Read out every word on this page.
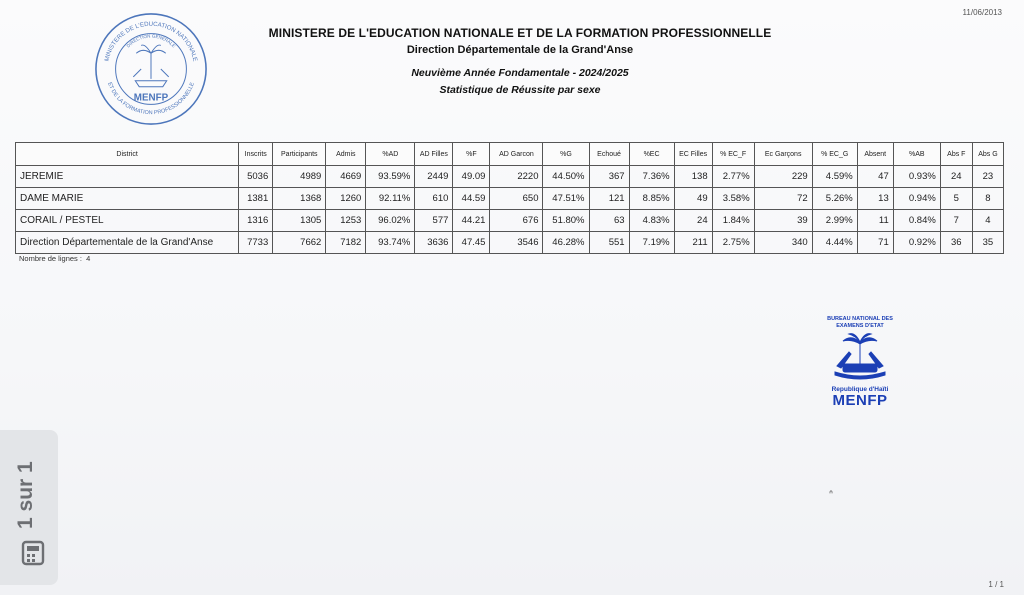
11/06/2013
MINISTERE DE L'EDUCATION NATIONALE
ET DE LA FORMATION PROFESSIONNELLE
DIRECTION GENERALE
MENFP
MINISTERE DE L'EDUCATION NATIONALE ET DE LA FORMATION PROFESSIONNELLE
Direction Départementale de la Grand'Anse
Neuvième Année Fondamentale - 2024/2025
Statistique de Réussite par sexe
District	Inscrits	Participants	Admis	%AD	AD Filles	%F	AD Garcon	%G	Echoué	%EC	EC Filles	% EC_F	Ec Garçons	% EC_G	Absent	%AB	Abs F	Abs G
JEREMIE	5036	4989	4669	93.59%	2449	49.09	2220	44.50%	367	7.36%	138	2.77%	229	4.59%	47	0.93%	24	23
DAME MARIE	1381	1368	1260	92.11%	610	44.59	650	47.51%	121	8.85%	49	3.58%	72	5.26%	13	0.94%	5	8
CORAIL / PESTEL	1316	1305	1253	96.02%	577	44.21	676	51.80%	63	4.83%	24	1.84%	39	2.99%	11	0.84%	7	4
Direction Départementale de la Grand'Anse	7733	7662	7182	93.74%	3636	47.45	3546	46.28%	551	7.19%	211	2.75%	340	4.44%	71	0.92%	36	35
Nombre de lignes : 4
BUREAU NATIONAL DES
EXAMENS D'ETAT
Republique d'Haïti
MENFP
ᐢ
1 / 1
1 sur 1
